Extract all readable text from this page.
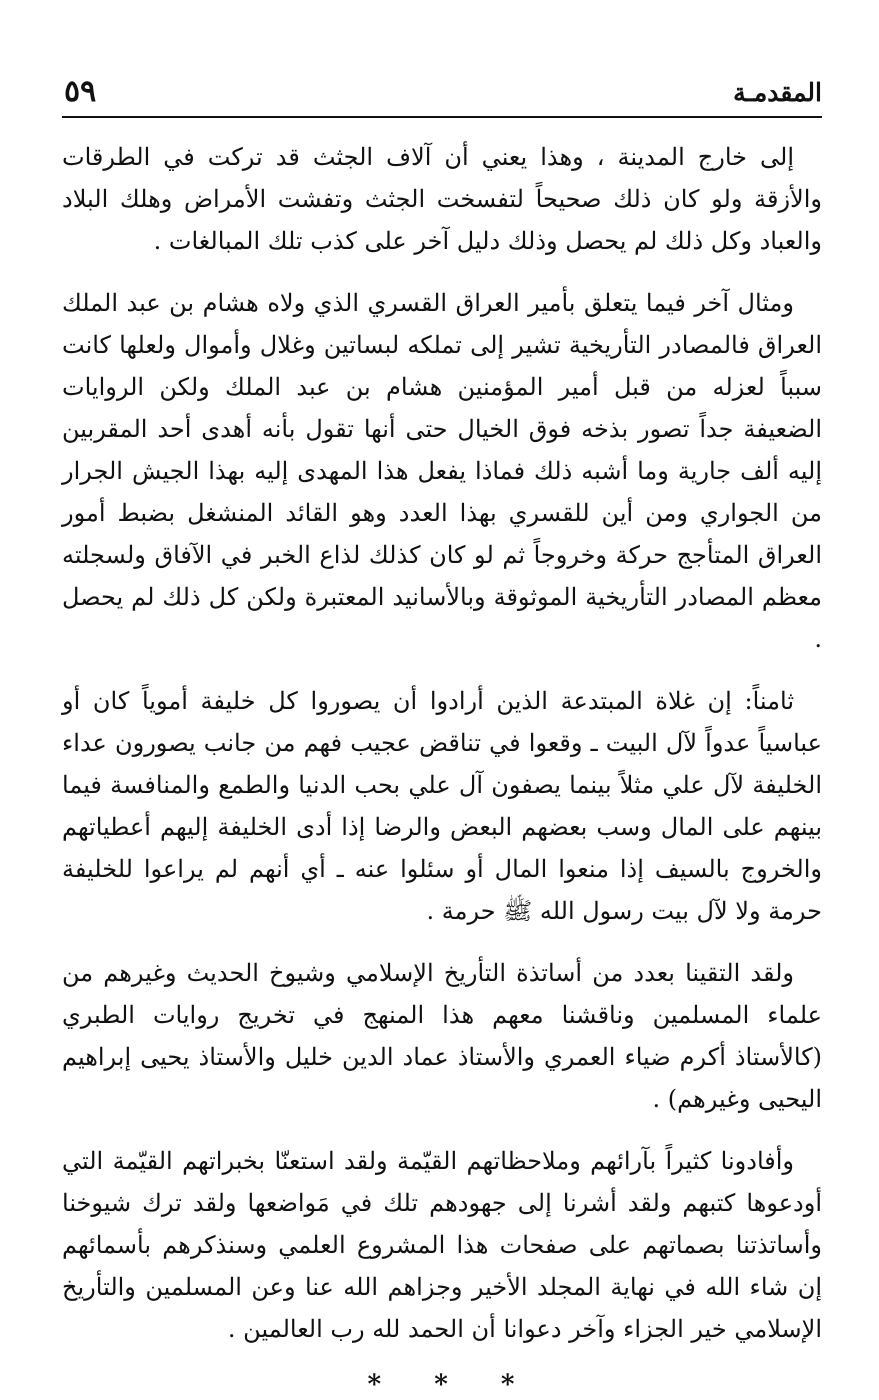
المقدمـة
٥٩

إلى خارج المدينة ، وهذا يعني أن آلاف الجثث قد تركت في الطرقات والأزقة ولو كان ذلك صحيحاً لتفسخت الجثث وتفشت الأمراض وهلك البلاد والعباد وكل ذلك لم يحصل وذلك دليل آخر على كذب تلك المبالغات .

ومثال آخر فيما يتعلق بأمير العراق القسري الذي ولاه هشام بن عبد الملك العراق فالمصادر التأريخية تشير إلى تملكه لبساتين وغلال وأموال ولعلها كانت سبباً لعزله من قبل أمير المؤمنين هشام بن عبد الملك ولكن الروايات الضعيفة جداً تصور بذخه فوق الخيال حتى أنها تقول بأنه أهدى أحد المقربين إليه ألف جارية وما أشبه ذلك فماذا يفعل هذا المهدى إليه بهذا الجيش الجرار من الجواري ومن أين للقسري بهذا العدد وهو القائد المنشغل بضبط أمور العراق المتأجج حركة وخروجاً ثم لو كان كذلك لذاع الخبر في الآفاق ولسجلته معظم المصادر التأريخية الموثوقة وبالأسانيد المعتبرة ولكن كل ذلك لم يحصل .

ثامناً: إن غلاة المبتدعة الذين أرادوا أن يصوروا كل خليفة أموياً كان أو عباسياً عدواً لآل البيت ـ وقعوا في تناقض عجيب فهم من جانب يصورون عداء الخليفة لآل علي مثلاً بينما يصفون آل علي بحب الدنيا والطمع والمنافسة فيما بينهم على المال وسب بعضهم البعض والرضا إذا أدى الخليفة إليهم أعطياتهم والخروج بالسيف إذا منعوا المال أو سئلوا عنه ـ أي أنهم لم يراعوا للخليفة حرمة ولا لآل بيت رسول الله ﷺ حرمة .

ولقد التقينا بعدد من أساتذة التأريخ الإسلامي وشيوخ الحديث وغيرهم من علماء المسلمين وناقشنا معهم هذا المنهج في تخريج روايات الطبري (كالأستاذ أكرم ضياء العمري والأستاذ عماد الدين خليل والأستاذ يحيى إبراهيم اليحيى وغيرهم) .

وأفادونا كثيراً بآرائهم وملاحظاتهم القيّمة ولقد استعنّا بخبراتهم القيّمة التي أودعوها كتبهم ولقد أشرنا إلى جهودهم تلك في مَواضعها ولقد ترك شيوخنا وأساتذتنا بصماتهم على صفحات هذا المشروع العلمي وسنذكرهم بأسمائهم إن شاء الله في نهاية المجلد الأخير وجزاهم الله عنا وعن المسلمين والتأريخ الإسلامي خير الجزاء وآخر دعوانا أن الحمد لله رب العالمين .

* * *
